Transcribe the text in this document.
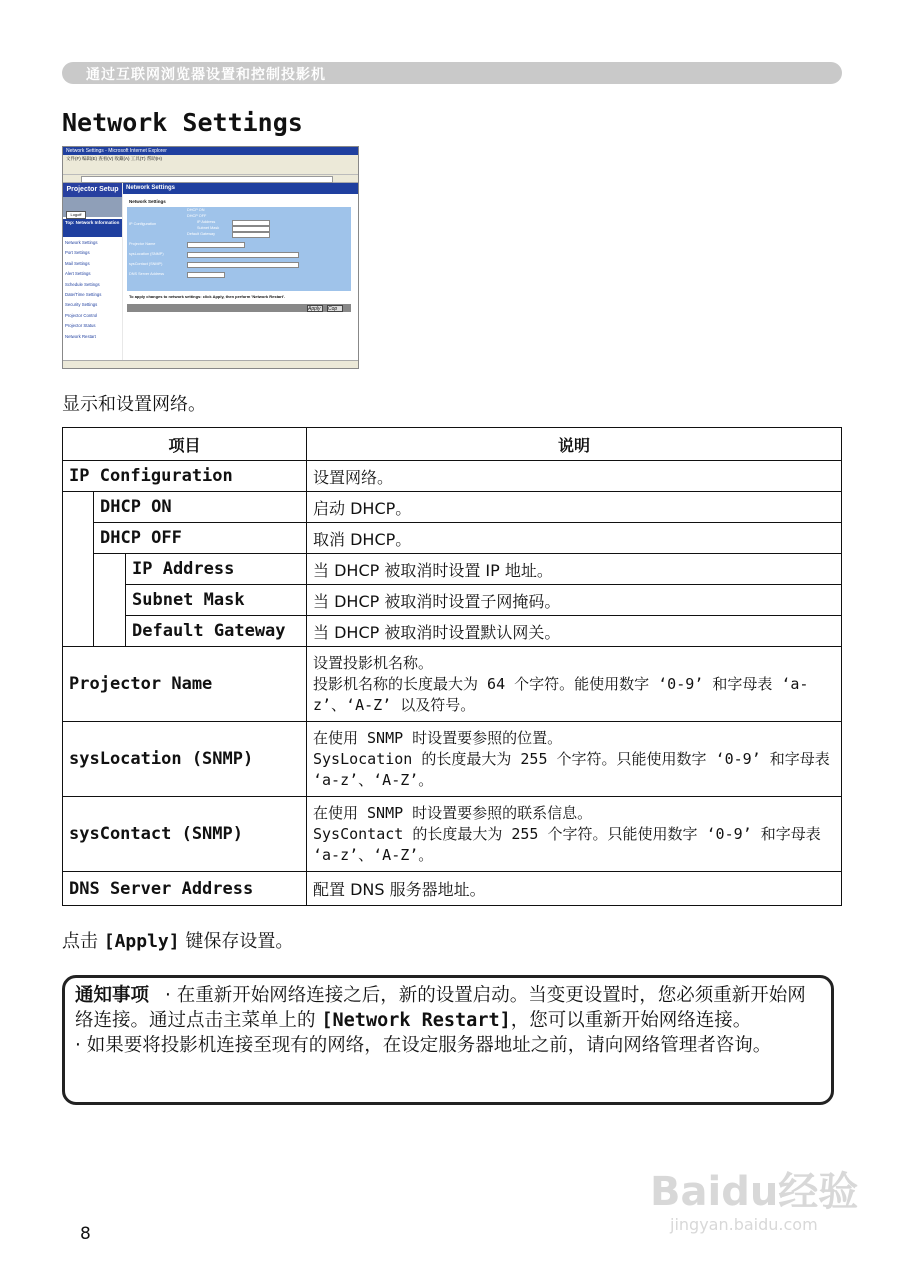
通过互联网浏览器设置和控制投影机
Network Settings
Network Settings - Microsoft Internet Explorer
文件(F) 编辑(E) 查看(V) 收藏(A) 工具(T) 帮助(H)
Projector Setup
Logoff
Top: Network Information
Network Settings
Port Settings
Mail Settings
Alert Settings
Schedule Settings
Date/Time Settings
Security Settings
Projector Control
Projector Status
Network Restart
Network Settings
Network Settings
IP Configuration
DHCP ON
DHCP OFF
IP Address
Subnet Mask
Default Gateway
Projector Name
sysLocation (SNMP)
sysContact (SNMP)
DNS Server Address
To apply changes to network settings: click Apply, then perform 'Network Restart'.
Apply	Cop
显示和设置网络。
项目			说明
IP Configuration			设置网络。
	DHCP ON		启动 DHCP。
	DHCP OFF		取消 DHCP。
		IP Address	当 DHCP 被取消时设置 IP 地址。
		Subnet Mask	当 DHCP 被取消时设置子网掩码。
		Default Gateway	当 DHCP 被取消时设置默认网关。
Projector Name			设置投影机名称。
投影机名称的长度最大为 64 个字符。能使用数字 ‘0-9’ 和字母表 ‘a-z’、‘A-Z’ 以及符号。

sysLocation (SNMP)			在使用 SNMP 时设置要参照的位置。
SysLocation 的长度最大为 255 个字符。只能使用数字 ‘0-9’ 和字母表 ‘a-z’、‘A-Z’。

sysContact (SNMP)			在使用 SNMP 时设置要参照的联系信息。
SysContact 的长度最大为 255 个字符。只能使用数字 ‘0-9’ 和字母表 ‘a-z’、‘A-Z’。

DNS Server Address			配置 DNS 服务器地址。
点击 [Apply] 键保存设置。
通知事项 · 在重新开始网络连接之后，新的设置启动。当变更设置时，您必须重新开始网络连接。通过点击主菜单上的 [Network Restart]，您可以重新开始网络连接。
· 如果要将投影机连接至现有的网络，在设定服务器地址之前，请向网络管理者咨询。
8
Baidu经验
jingyan.baidu.com
